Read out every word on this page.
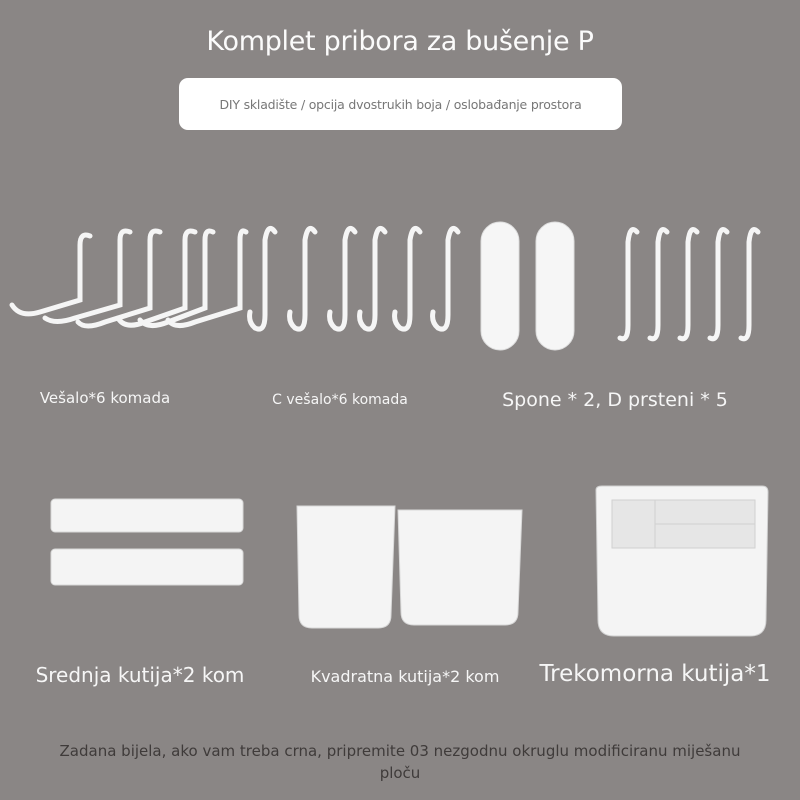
Komplet pribora za bušenje P
DIY skladište / opcija dvostrukih boja / oslobađanje prostora
Vešalo*6 komada	C vešalo*6 komada	Spone * 2, D prsteni * 5
Srednja kutija*2 kom	Kvadratna kutija*2 kom	Trekomorna kutija*1
Zadana bijela, ako vam treba crna, pripremite 03 nezgodnu okruglu modificiranu miješanu ploču
